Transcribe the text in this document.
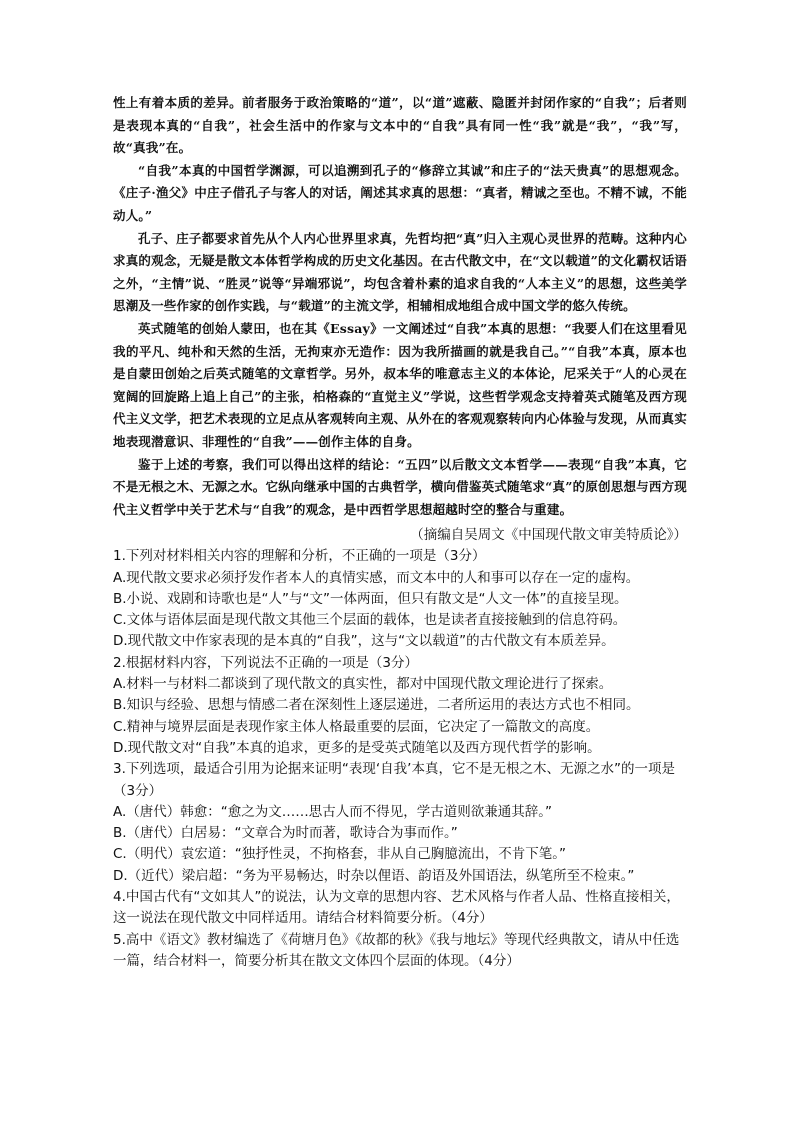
性上有着本质的差异。前者服务于政治策略的“道”，以“道”遮蔽、隐匿并封闭作家的“自我”；后者则是表现本真的“自我”，社会生活中的作家与文本中的“自我”具有同一性“我”就是“我”，“我”写，故“真我”在。

“自我”本真的中国哲学渊源，可以追溯到孔子的“修辞立其诚”和庄子的“法天贵真”的思想观念。《庄子·渔父》中庄子借孔子与客人的对话，阐述其求真的思想：“真者，精诚之至也。不精不诚，不能动人。”

孔子、庄子都要求首先从个人内心世界里求真，先哲均把“真”归入主观心灵世界的范畴。这种内心求真的观念，无疑是散文本体哲学构成的历史文化基因。在古代散文中，在“文以载道”的文化霸权话语之外，“主情”说、“胜灵”说等“异端邪说”，均包含着朴素的追求自我的“人本主义”的思想，这些美学思潮及一些作家的创作实践，与“载道”的主流文学，相辅相成地组合成中国文学的悠久传统。

英式随笔的创始人蒙田，也在其《Essay》一文阐述过“自我”本真的思想：“我要人们在这里看见我的平凡、纯朴和天然的生活，无拘束亦无造作：因为我所描画的就是我自己。”“自我”本真，原本也是自蒙田创始之后英式随笔的文章哲学。另外，叔本华的唯意志主义的本体论，尼采关于“人的心灵在宽阔的回旋路上追上自己”的主张，柏格森的“直觉主义”学说，这些哲学观念支持着英式随笔及西方现代主义文学，把艺术表现的立足点从客观转向主观、从外在的客观观察转向内心体验与发现，从而真实地表现潜意识、非理性的“自我”——创作主体的自身。

鉴于上述的考察，我们可以得出这样的结论：“五四”以后散文文本哲学——表现“自我”本真，它不是无根之木、无源之水。它纵向继承中国的古典哲学，横向借鉴英式随笔求“真”的原创思想与西方现代主义哲学中关于艺术与“自我”的观念，是中西哲学思想超越时空的整合与重建。

（摘编自吴周文《中国现代散文审美特质论》）

1.下列对材料相关内容的理解和分析，不正确的一项是（3分）

A.现代散文要求必须抒发作者本人的真情实感，而文本中的人和事可以存在一定的虚构。

B.小说、戏剧和诗歌也是“人”与“文”一体两面，但只有散文是“人文一体”的直接呈现。

C.文体与语体层面是现代散文其他三个层面的载体，也是读者直接接触到的信息符码。

D.现代散文中作家表现的是本真的“自我”，这与“文以载道”的古代散文有本质差异。

2.根据材料内容，下列说法不正确的一项是（3分）

A.材料一与材料二都谈到了现代散文的真实性，都对中国现代散文理论进行了探索。

B.知识与经验、思想与情感二者在深刻性上逐层递进，二者所运用的表达方式也不相同。

C.精神与境界层面是表现作家主体人格最重要的层面，它决定了一篇散文的高度。

D.现代散文对“自我”本真的追求，更多的是受英式随笔以及西方现代哲学的影响。

3.下列选项，最适合引用为论据来证明“表现‘自我’本真，它不是无根之木、无源之水”的一项是（3分）

A.（唐代）韩愈：“愈之为文……思古人而不得见，学古道则欲兼通其辞。”

B.（唐代）白居易：“文章合为时而著，歌诗合为事而作。”

C.（明代）袁宏道：“独抒性灵，不拘格套，非从自己胸臆流出，不肯下笔。”

D.（近代）梁启超：“务为平易畅达，时杂以俚语、韵语及外国语法，纵笔所至不检束。”

4.中国古代有“文如其人”的说法，认为文章的思想内容、艺术风格与作者人品、性格直接相关，这一说法在现代散文中同样适用。请结合材料简要分析。（4分）

5.高中《语文》教材编选了《荷塘月色》《故都的秋》《我与地坛》等现代经典散文，请从中任选一篇，结合材料一，简要分析其在散文文体四个层面的体现。（4分）
